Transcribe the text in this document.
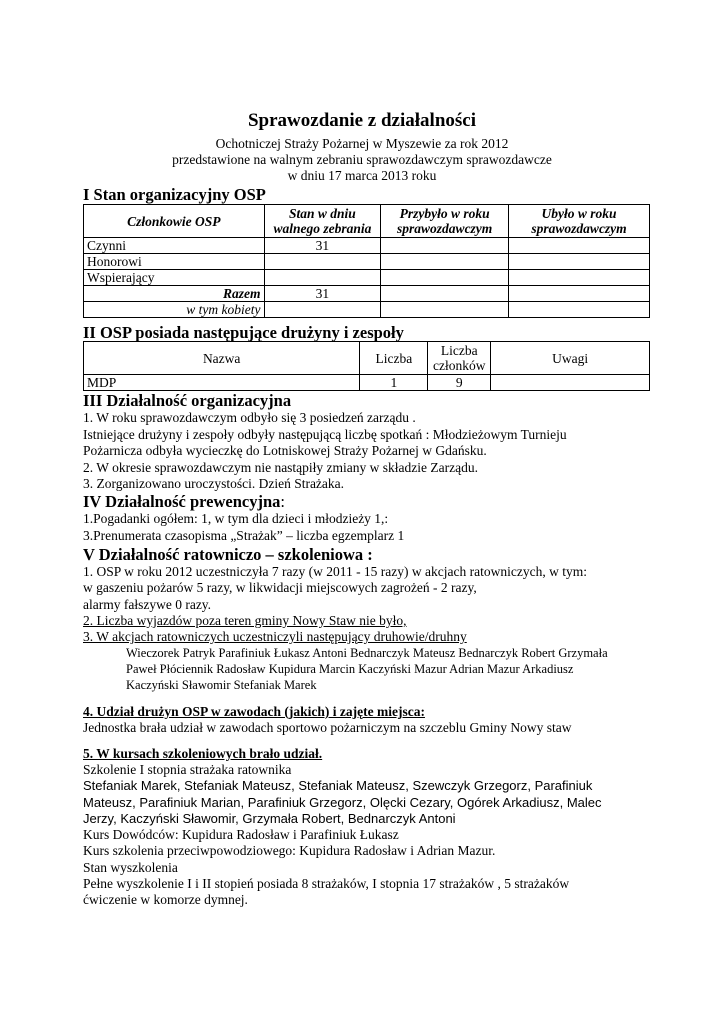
Sprawozdanie z działalności
Ochotniczej Straży Pożarnej w Myszewie za rok 2012
przedstawione na walnym zebraniu sprawozdawczym sprawozdawcze
w dniu 17 marca 2013 roku
I Stan organizacyjny OSP
Członkowie OSP	Stan w dniu walnego zebrania	Przybyło w roku sprawozdawczym	Ubyło w roku sprawozdawczym
Czynni	31		
Honorowi			
Wspierający			
Razem	31		
w tym kobiety			
II OSP posiada następujące drużyny i zespoły
Nazwa	Liczba	Liczba członków	Uwagi
MDP	1	9	
III Działalność organizacyjna
1. W roku sprawozdawczym odbyło się 3 posiedzeń zarządu .
Istniejące drużyny i zespoły odbyły następującą liczbę spotkań : Młodzieżowym Turnieju
Pożarnicza odbyła wycieczkę do Lotniskowej Straży Pożarnej w Gdańsku.
2. W okresie sprawozdawczym nie nastąpiły zmiany w składzie Zarządu.
3. Zorganizowano uroczystości. Dzień Strażaka.
IV Działalność prewencyjna:
1.Pogadanki ogółem: 1, w tym dla dzieci i młodzieży 1,:
3.Prenumerata czasopisma „Strażak” – liczba egzemplarz 1
V Działalność ratowniczo – szkoleniowa :
1. OSP w roku 2012 uczestniczyła 7 razy (w 2011 - 15 razy) w akcjach ratowniczych, w tym:
w gaszeniu pożarów 5 razy, w likwidacji miejscowych zagrożeń - 2 razy,
alarmy fałszywe 0 razy.
2. Liczba wyjazdów poza teren gminy Nowy Staw nie było,
3. W akcjach ratowniczych uczestniczyli następujący druhowie/druhny
Wieczorek Patryk Parafiniuk Łukasz Antoni Bednarczyk Mateusz Bednarczyk Robert Grzymała
Paweł Płóciennik Radosław Kupidura Marcin Kaczyński Mazur Adrian Mazur Arkadiusz
Kaczyński Sławomir Stefaniak Marek
4. Udział drużyn OSP w zawodach (jakich) i zajęte miejsca:
Jednostka brała udział w zawodach sportowo pożarniczym na szczeblu Gminy Nowy staw
5. W kursach szkoleniowych brało udział.
Szkolenie I stopnia strażaka ratownika
Stefaniak Marek, Stefaniak Mateusz, Stefaniak Mateusz, Szewczyk Grzegorz, Parafiniuk
Mateusz, Parafiniuk Marian, Parafiniuk Grzegorz, Olęcki Cezary, Ogórek Arkadiusz, Malec
Jerzy, Kaczyński Sławomir, Grzymała Robert, Bednarczyk Antoni
Kurs Dowódców: Kupidura Radosław i Parafiniuk Łukasz
Kurs szkolenia przeciwpowodziowego: Kupidura Radosław i Adrian Mazur.
Stan wyszkolenia
Pełne wyszkolenie I i II stopień posiada 8 strażaków, I stopnia 17 strażaków , 5 strażaków
ćwiczenie w komorze dymnej.
